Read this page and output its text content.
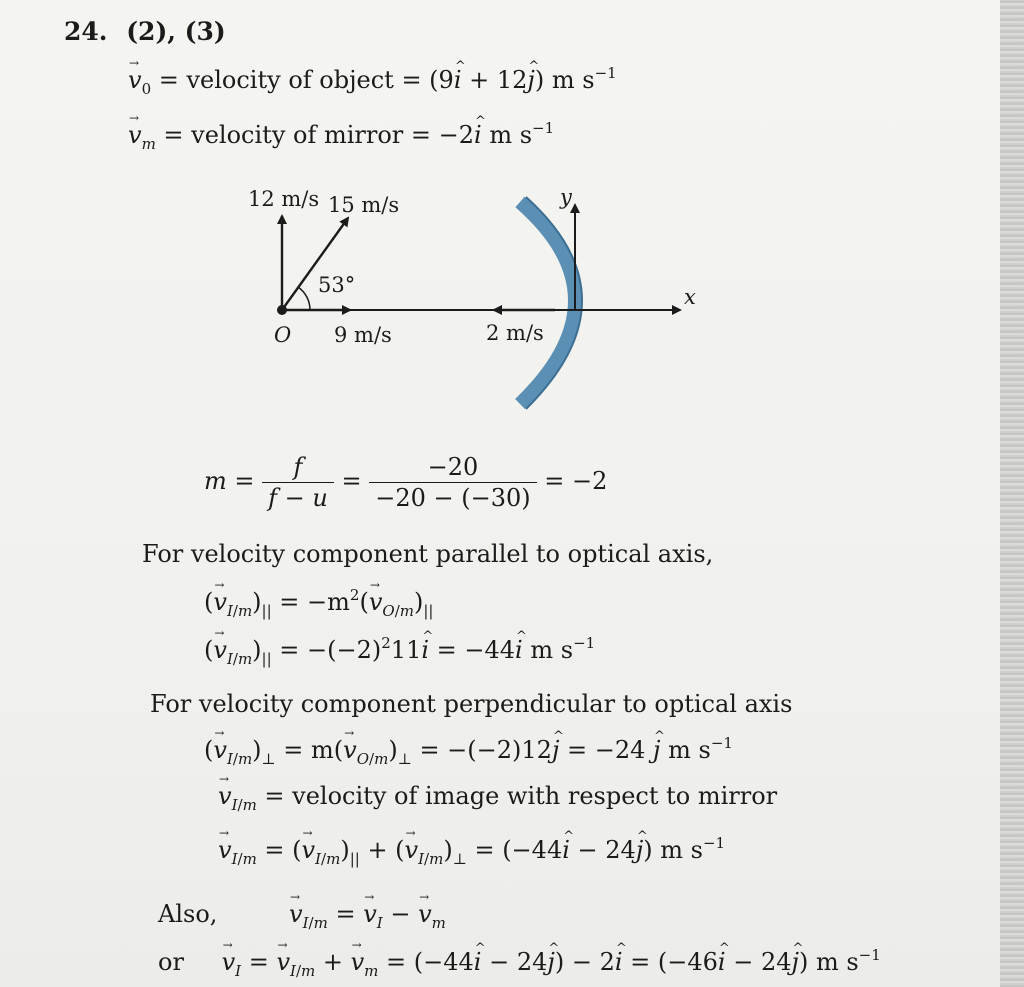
24. (2), (3)
→ $v_0$ = velocity of object = (9^ i + 12^ j) m $s^{-1}$
→ $v_m$ = velocity of mirror = −2^ i m $s^{-1}$
12 m/s 15 m/s
53°
O 9 m/s	2 m/s
x
y
$m = \frac{f}{f - u} = \frac{-20}{-20 - (-30)} = -2$
For velocity component parallel to optical axis,
(→ $v_{I/m})_{||} = -m^2(\to v_{O/m})_{||}$
(→ $v_{I/m})_{||}$ = $-(-2)^211\^{}$ i = −44^ i m $s^{-1}$
For velocity component perpendicular to optical axis
(→ $v_{I/m})_\perp = m(\to v_{O/m})_\perp$ = −(−2)12^ j = −24 ^ j m $s^{-1}$
→ $v_{I/m}$ = velocity of image with respect to mirror
→ $v_{I/m}$ = (→ $v_{I/m})_{||}$ + (→ $v_{I/m})_\perp$ = (−44^ i − 24^ j) m $s^{-1}$
Also,	→ $v_{I/m}$ = → $v_I$ − → $v_m$
or → $v_I$ = → $v_{I/m}$ + → $v_m$ = (−44^ i − 24^ j) − 2^ i = (−46^ i − 24^ j) m $s^{-1}$
